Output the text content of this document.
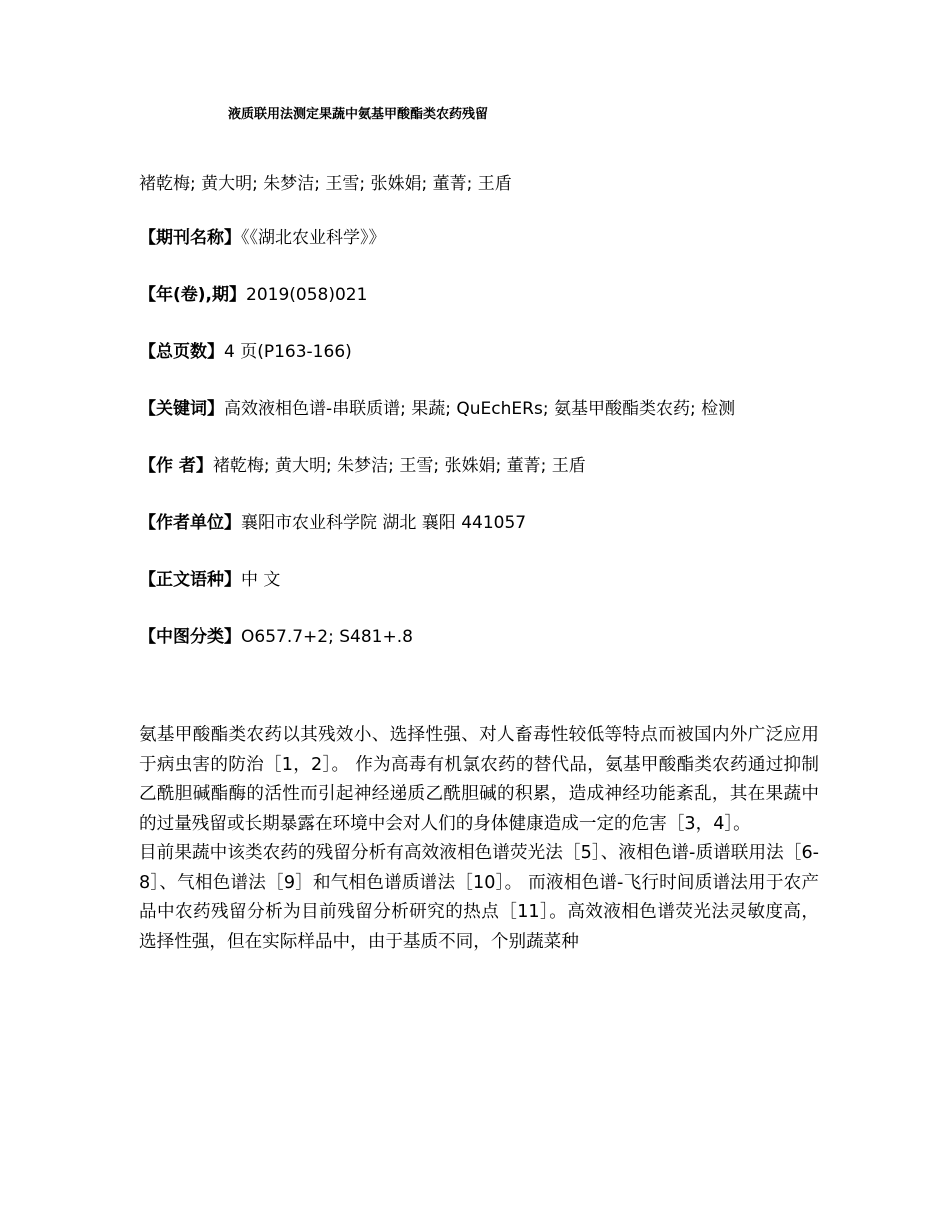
液质联用法测定果蔬中氨基甲酸酯类农药残留
褚乾梅; 黄大明; 朱梦洁; 王雪; 张姝娟; 董菁; 王盾
【期刊名称】《《湖北农业科学》》
【年(卷),期】2019(058)021
【总页数】4 页(P163-166)
【关键词】高效液相色谱-串联质谱; 果蔬; QuEchERs; 氨基甲酸酯类农药; 检测
【作 者】褚乾梅; 黄大明; 朱梦洁; 王雪; 张姝娟; 董菁; 王盾
【作者单位】襄阳市农业科学院 湖北 襄阳 441057
【正文语种】中 文
【中图分类】O657.7+2; S481+.8

氨基甲酸酯类农药以其残效小、选择性强、对人畜毒性较低等特点而被国内外广泛应用于病虫害的防治［1，2］。 作为高毒有机氯农药的替代品，氨基甲酸酯类农药通过抑制乙酰胆碱酯酶的活性而引起神经递质乙酰胆碱的积累，造成神经功能紊乱，其在果蔬中的过量残留或长期暴露在环境中会对人们的身体健康造成一定的危害［3，4］。

目前果蔬中该类农药的残留分析有高效液相色谱荧光法［5］、液相色谱-质谱联用法［6-8］、气相色谱法［9］和气相色谱质谱法［10］。 而液相色谱-飞行时间质谱法用于农产品中农药残留分析为目前残留分析研究的热点［11］。高效液相色谱荧光法灵敏度高，选择性强，但在实际样品中，由于基质不同，个别蔬菜种
